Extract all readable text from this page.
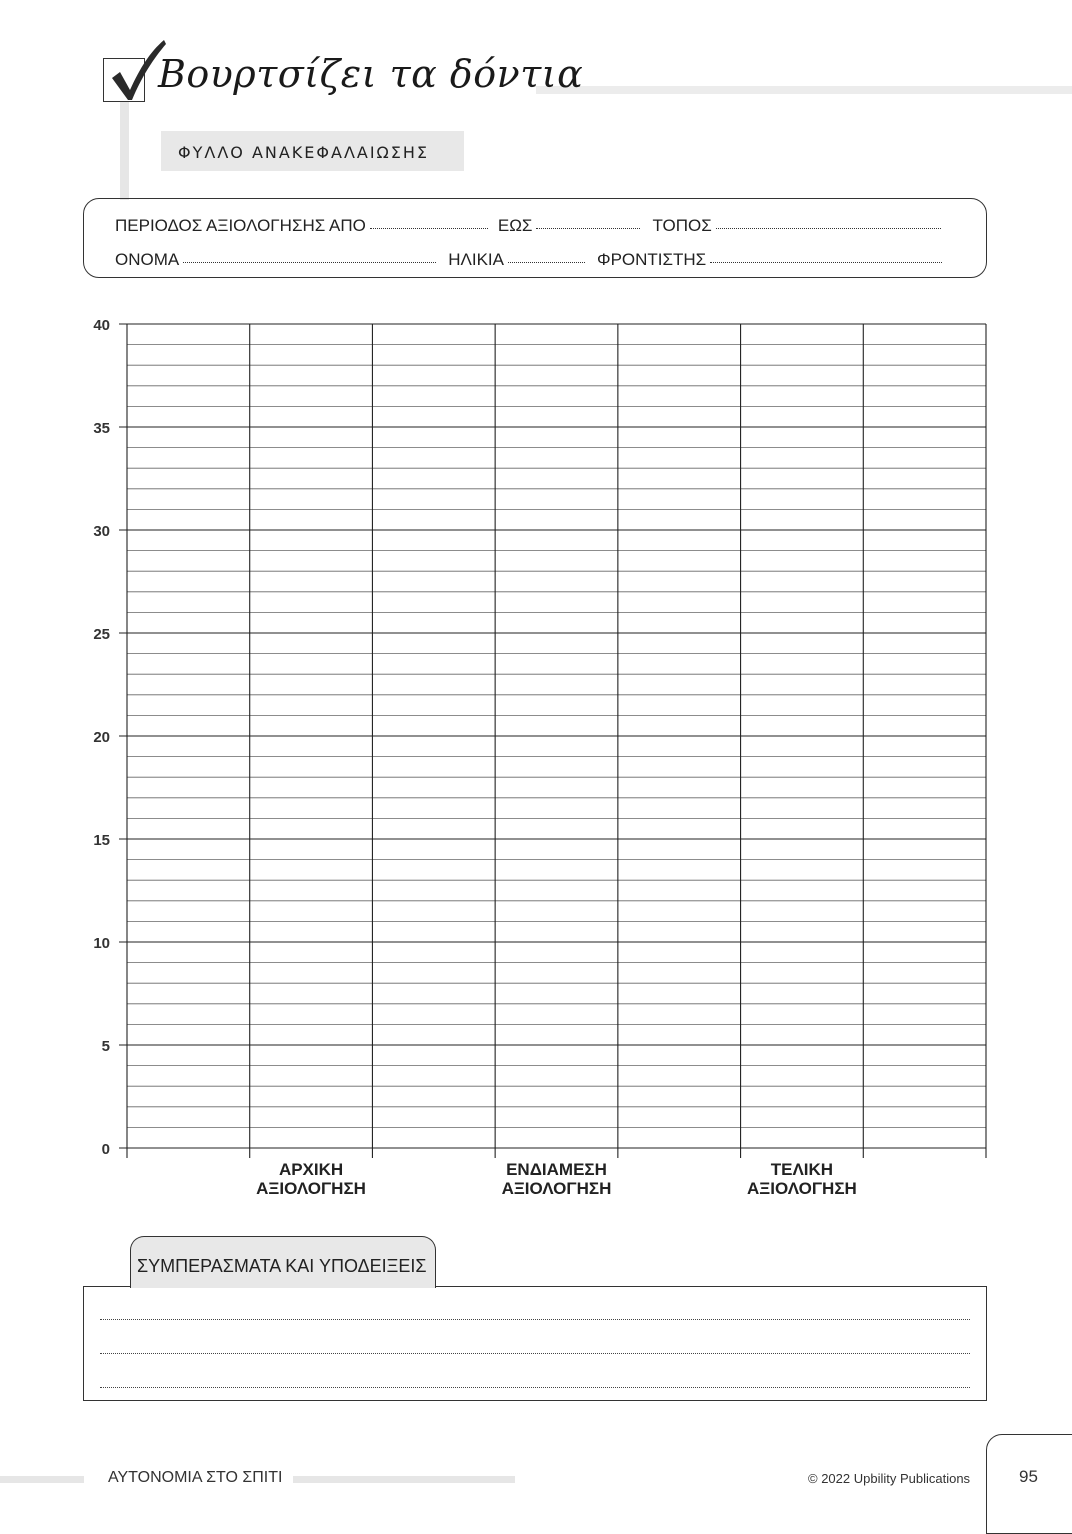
Βουρτσίζει τα δόντια
ΦΥΛΛΟ ΑΝΑΚΕΦΑΛΑΙΩΣΗΣ
ΠΕΡΙΟΔΟΣ ΑΞΙΟΛΟΓΗΣΗΣ ΑΠΟ	ΕΩΣ	ΤΟΠΟΣ
ΟΝΟΜΑ	ΗΛΙΚΙΑ	ΦΡΟΝΤΙΣΤΗΣ
0
5
10
15
20
25
30
35
40
ΑΡΧΙΚΗ
ΑΞΙΟΛΟΓΗΣΗ
ΕΝΔΙΑΜΕΣΗ
ΑΞΙΟΛΟΓΗΣΗ
ΤΕΛΙΚΗ
ΑΞΙΟΛΟΓΗΣΗ
ΣΥΜΠΕΡΑΣΜΑΤΑ ΚΑΙ ΥΠΟΔΕΙΞΕΙΣ
ΑΥΤΟΝΟΜΙΑ ΣΤΟ ΣΠΙΤΙ	© 2022 Upbility Publications	95
